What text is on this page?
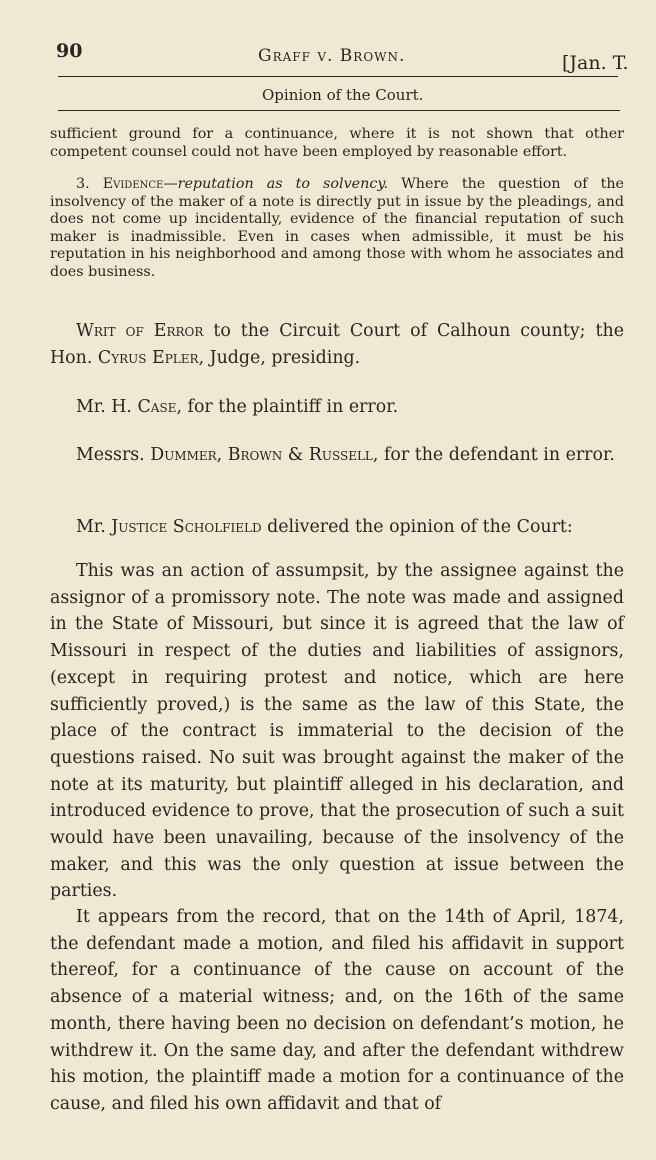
90	Graff v. Brown.	[Jan. T.
Opinion of the Court.

sufficient ground for a continuance, where it is not shown that other competent counsel could not have been employed by reasonable effort.

3. Evidence—reputation as to solvency. Where the question of the insolvency of the maker of a note is directly put in issue by the pleadings, and does not come up incidentally, evidence of the financial reputation of such maker is inadmissible. Even in cases when admissible, it must be his reputation in his neighborhood and among those with whom he associates and does business.

Writ of Error to the Circuit Court of Calhoun county; the Hon. Cyrus Epler, Judge, presiding.

Mr. H. Case, for the plaintiff in error.

Messrs. Dummer, Brown & Russell, for the defendant in error.

Mr. Justice Scholfield delivered the opinion of the Court:

This was an action of assumpsit, by the assignee against the assignor of a promissory note. The note was made and assigned in the State of Missouri, but since it is agreed that the law of Missouri in respect of the duties and liabilities of assignors, (except in requiring protest and notice, which are here sufficiently proved,) is the same as the law of this State, the place of the contract is immaterial to the decision of the questions raised. No suit was brought against the maker of the note at its maturity, but plaintiff alleged in his declaration, and introduced evidence to prove, that the prosecution of such a suit would have been unavailing, because of the insolvency of the maker, and this was the only question at issue between the parties.

It appears from the record, that on the 14th of April, 1874, the defendant made a motion, and filed his affidavit in support thereof, for a continuance of the cause on account of the absence of a material witness; and, on the 16th of the same month, there having been no decision on defendant’s motion, he withdrew it. On the same day, and after the defendant withdrew his motion, the plaintiff made a motion for a continuance of the cause, and filed his own affidavit and that of
